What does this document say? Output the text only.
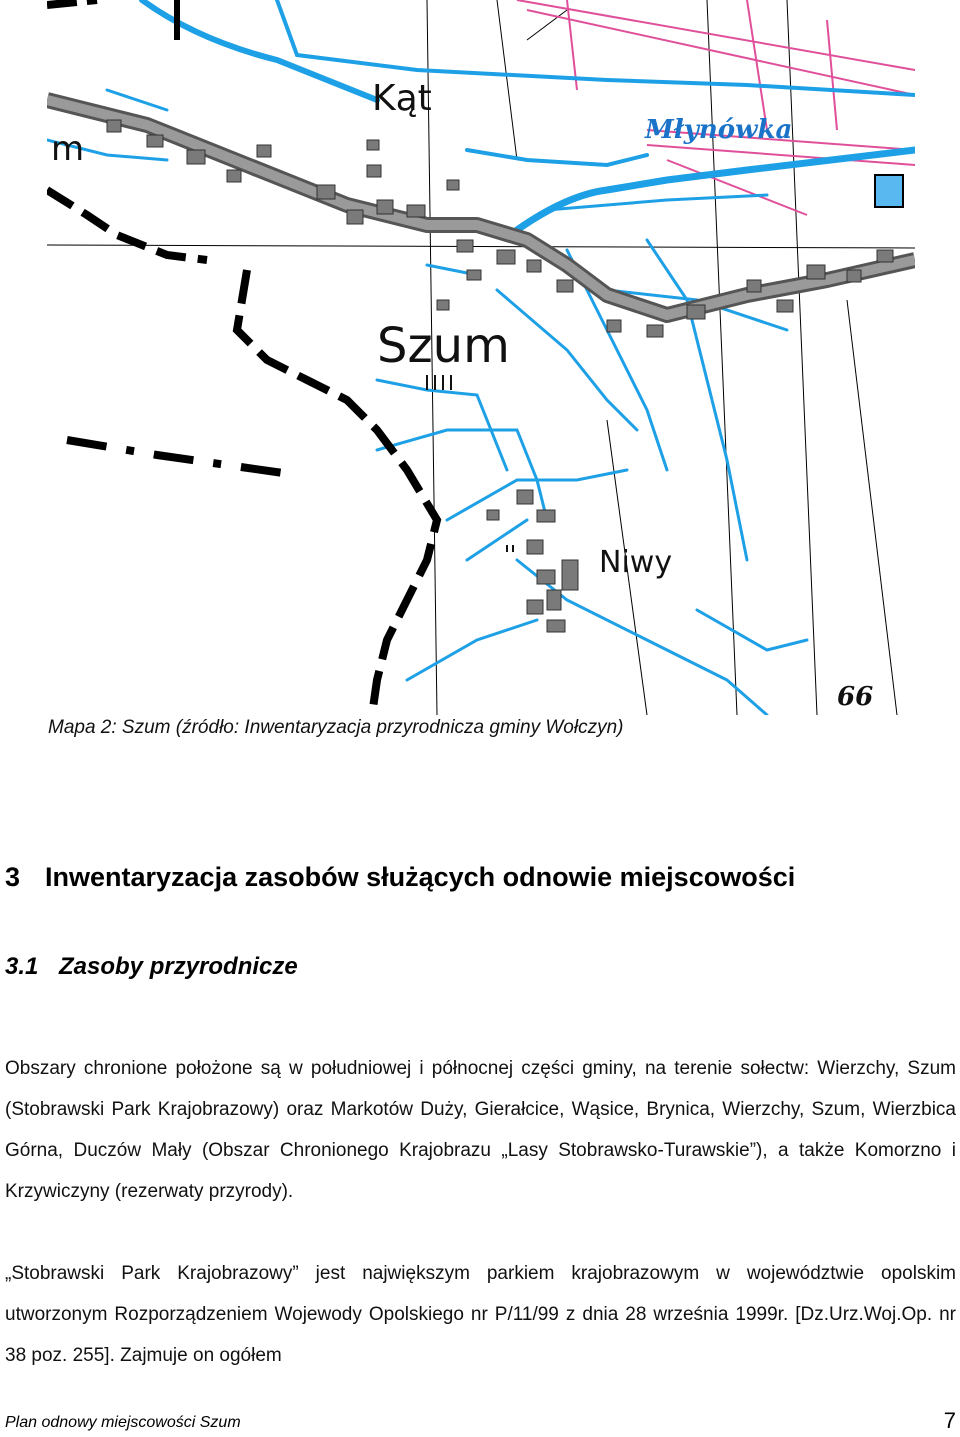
Kąt
Młynówka
Szum
Niwy
66
m
Mapa 2: Szum (źródło: Inwentaryzacja przyrodnicza gminy Wołczyn)
3 Inwentaryzacja zasobów służących odnowie miejscowości
3.1 Zasoby przyrodnicze

Obszary chronione położone są w południowej i północnej części gminy, na terenie sołectw: Wierzchy, Szum (Stobrawski Park Krajobrazowy) oraz Markotów Duży, Gierałcice, Wąsice, Brynica, Wierzchy, Szum, Wierzbica Górna, Duczów Mały (Obszar Chronionego Krajobrazu „Lasy Stobrawsko-Turawskie”), a także Komorzno i Krzywiczyny (rezerwaty przyrody).

„Stobrawski Park Krajobrazowy” jest największym parkiem krajobrazowym w województwie opolskim utworzonym Rozporządzeniem Wojewody Opolskiego nr P/11/99 z dnia 28 września 1999r. [Dz.Urz.Woj.Op. nr 38 poz. 255]. Zajmuje on ogółem

Plan odnowy miejscowości Szum	7
